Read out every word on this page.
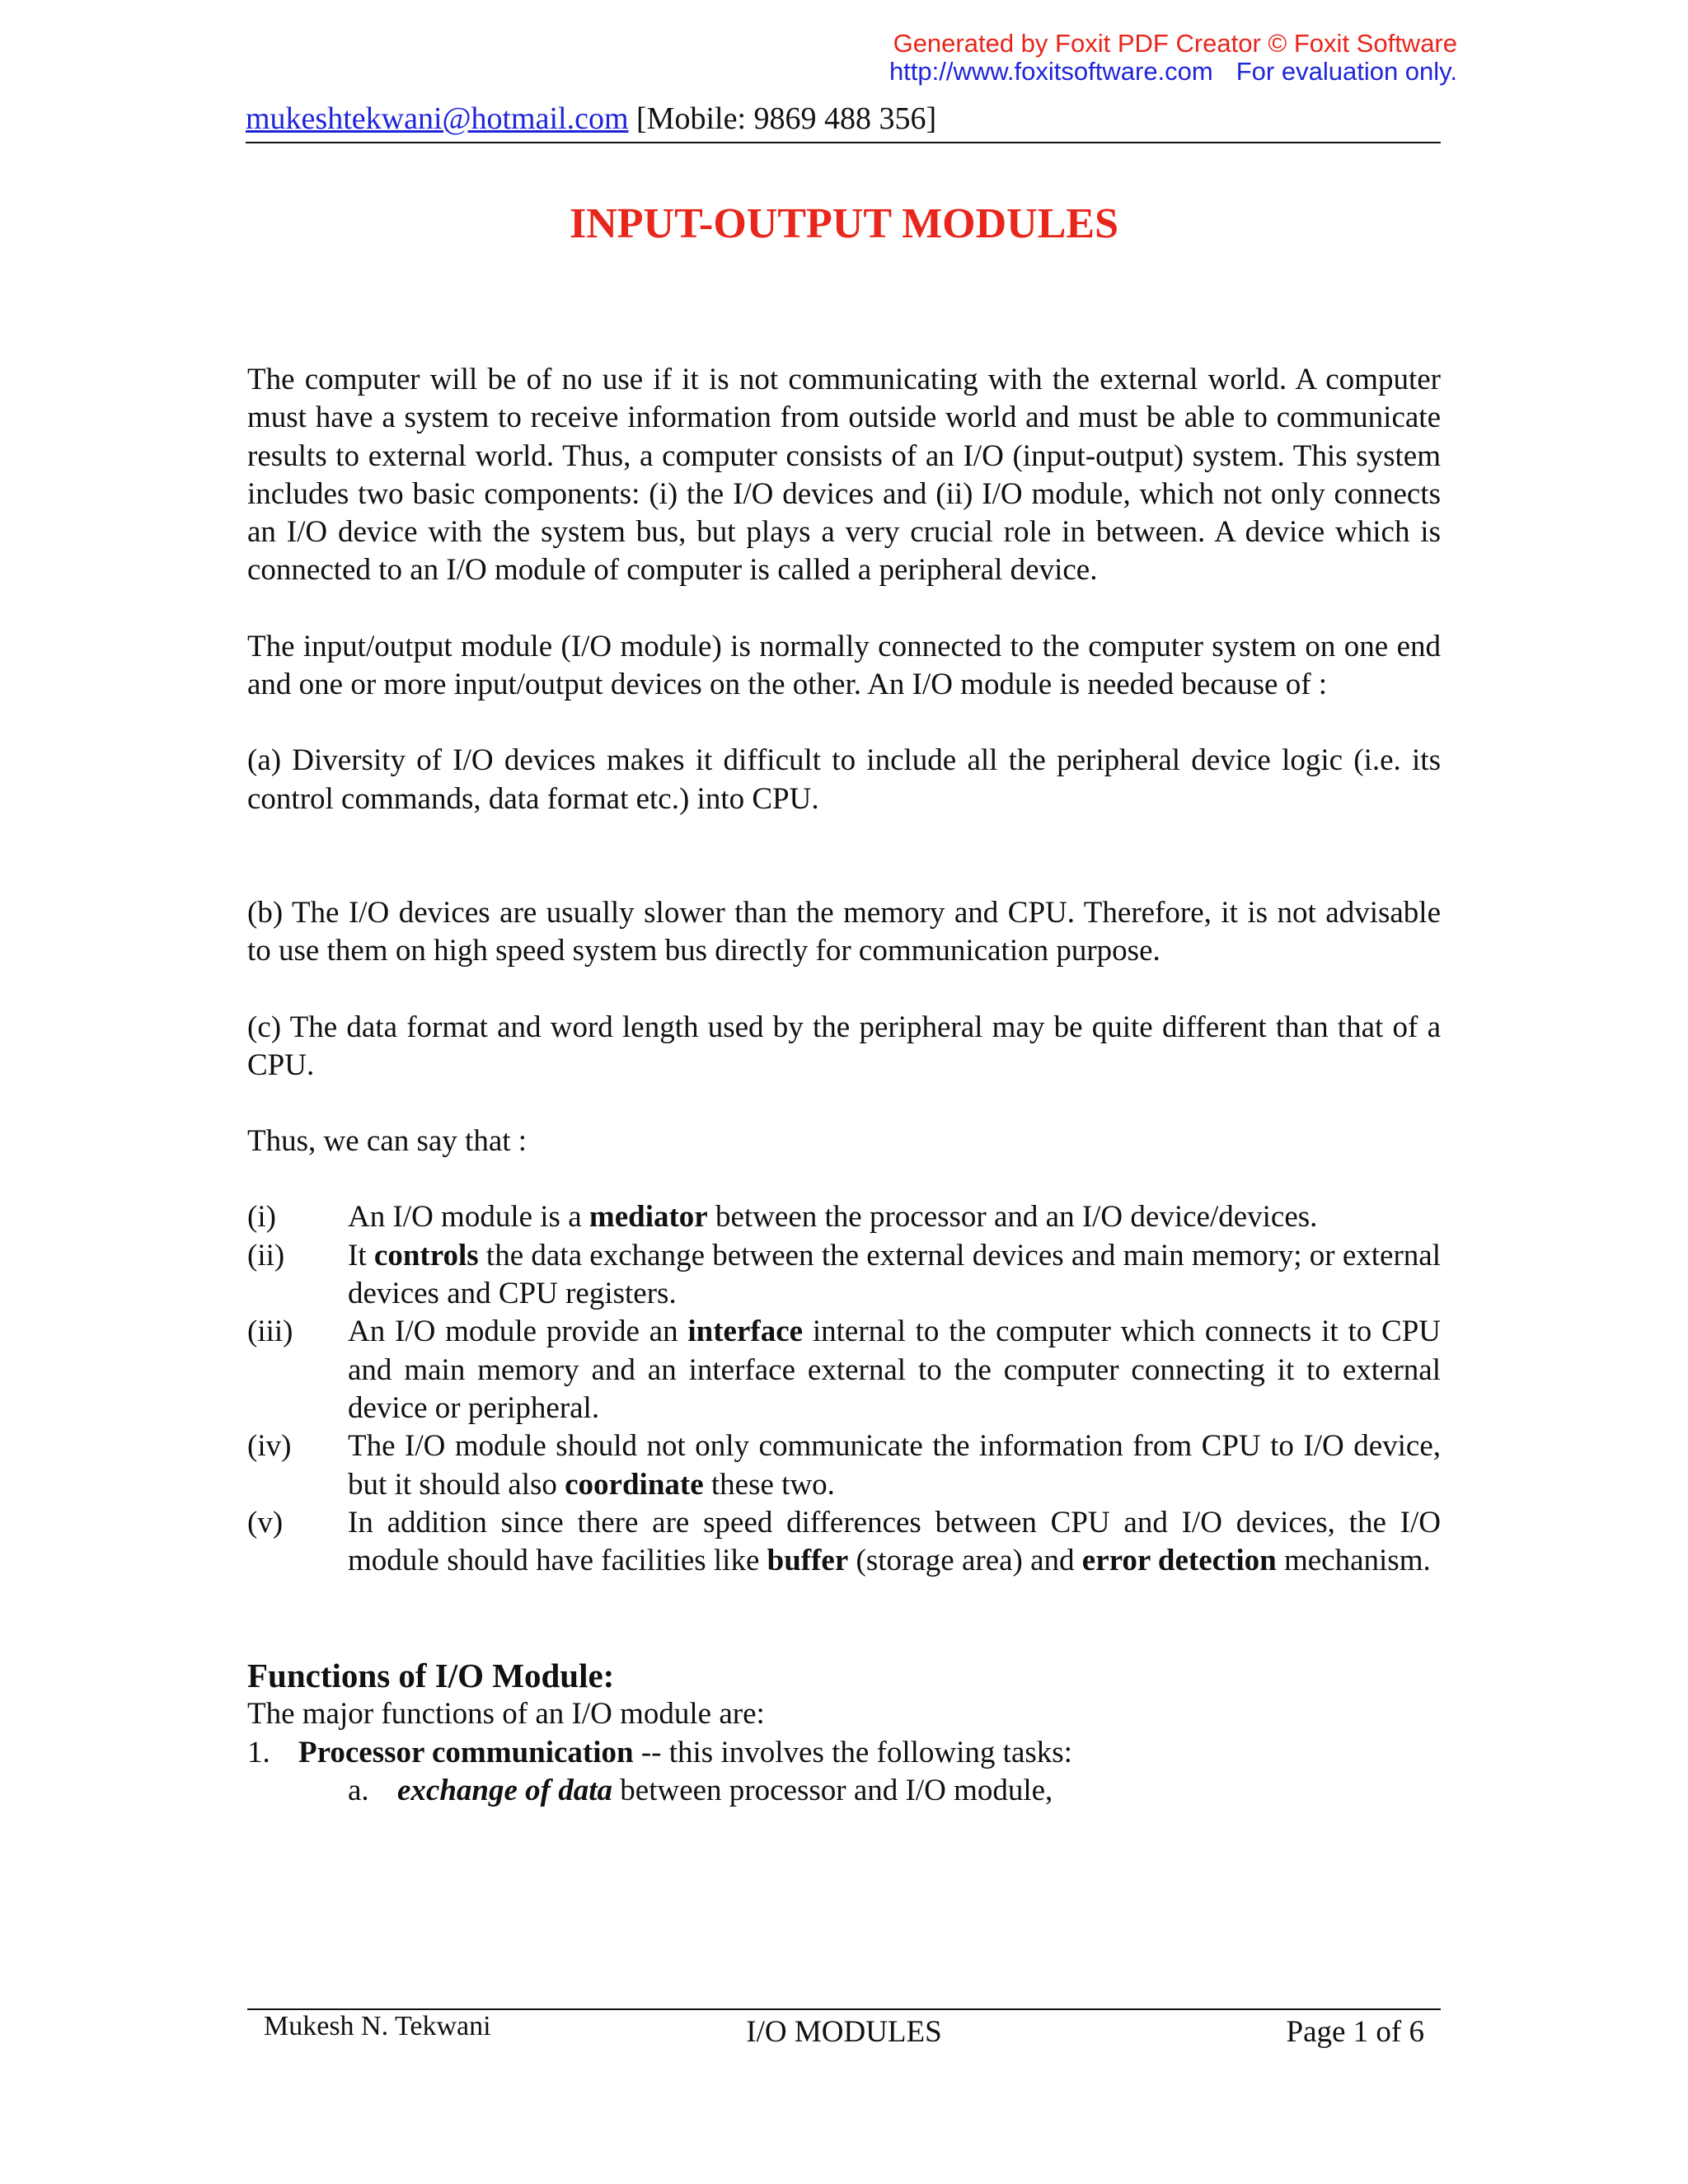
Generated by Foxit PDF Creator © Foxit Software
http://www.foxitsoftware.com For evaluation only.
mukeshtekwani@hotmail.com [Mobile: 9869 488 356]
INPUT-OUTPUT MODULES

The computer will be of no use if it is not communicating with the external world. A computer must have a system to receive information from outside world and must be able to communicate results to external world. Thus, a computer consists of an I/O (input-output) system. This system includes two basic components: (i) the I/O devices and (ii) I/O module, which not only connects an I/O device with the system bus, but plays a very crucial role in between. A device which is connected to an I/O module of computer is called a peripheral device.

The input/output module (I/O module) is normally connected to the computer system on one end and one or more input/output devices on the other. An I/O module is needed because of :

(a) Diversity of I/O devices makes it difficult to include all the peripheral device logic (i.e. its control commands, data format etc.) into CPU.

(b) The I/O devices are usually slower than the memory and CPU. Therefore, it is not advisable to use them on high speed system bus directly for communication purpose.

(c) The data format and word length used by the peripheral may be quite different than that of a CPU.

Thus, we can say that :

(i)	An I/O module is a mediator between the processor and an I/O device/devices.
(ii)	It controls the data exchange between the external devices and main memory; or external devices and CPU registers.
(iii)	An I/O module provide an interface internal to the computer which connects it to CPU and main memory and an interface external to the computer connecting it to external device or peripheral.
(iv)	The I/O module should not only communicate the information from CPU to I/O device, but it should also coordinate these two.
(v)	In addition since there are speed differences between CPU and I/O devices, the I/O module should have facilities like buffer (storage area) and error detection mechanism.
Functions of I/O Module:
The major functions of an I/O module are:
1. Processor communication -- this involves the following tasks:
a. exchange of data between processor and I/O module,
Mukesh N. Tekwani	I/O MODULES	Page 1 of 6
